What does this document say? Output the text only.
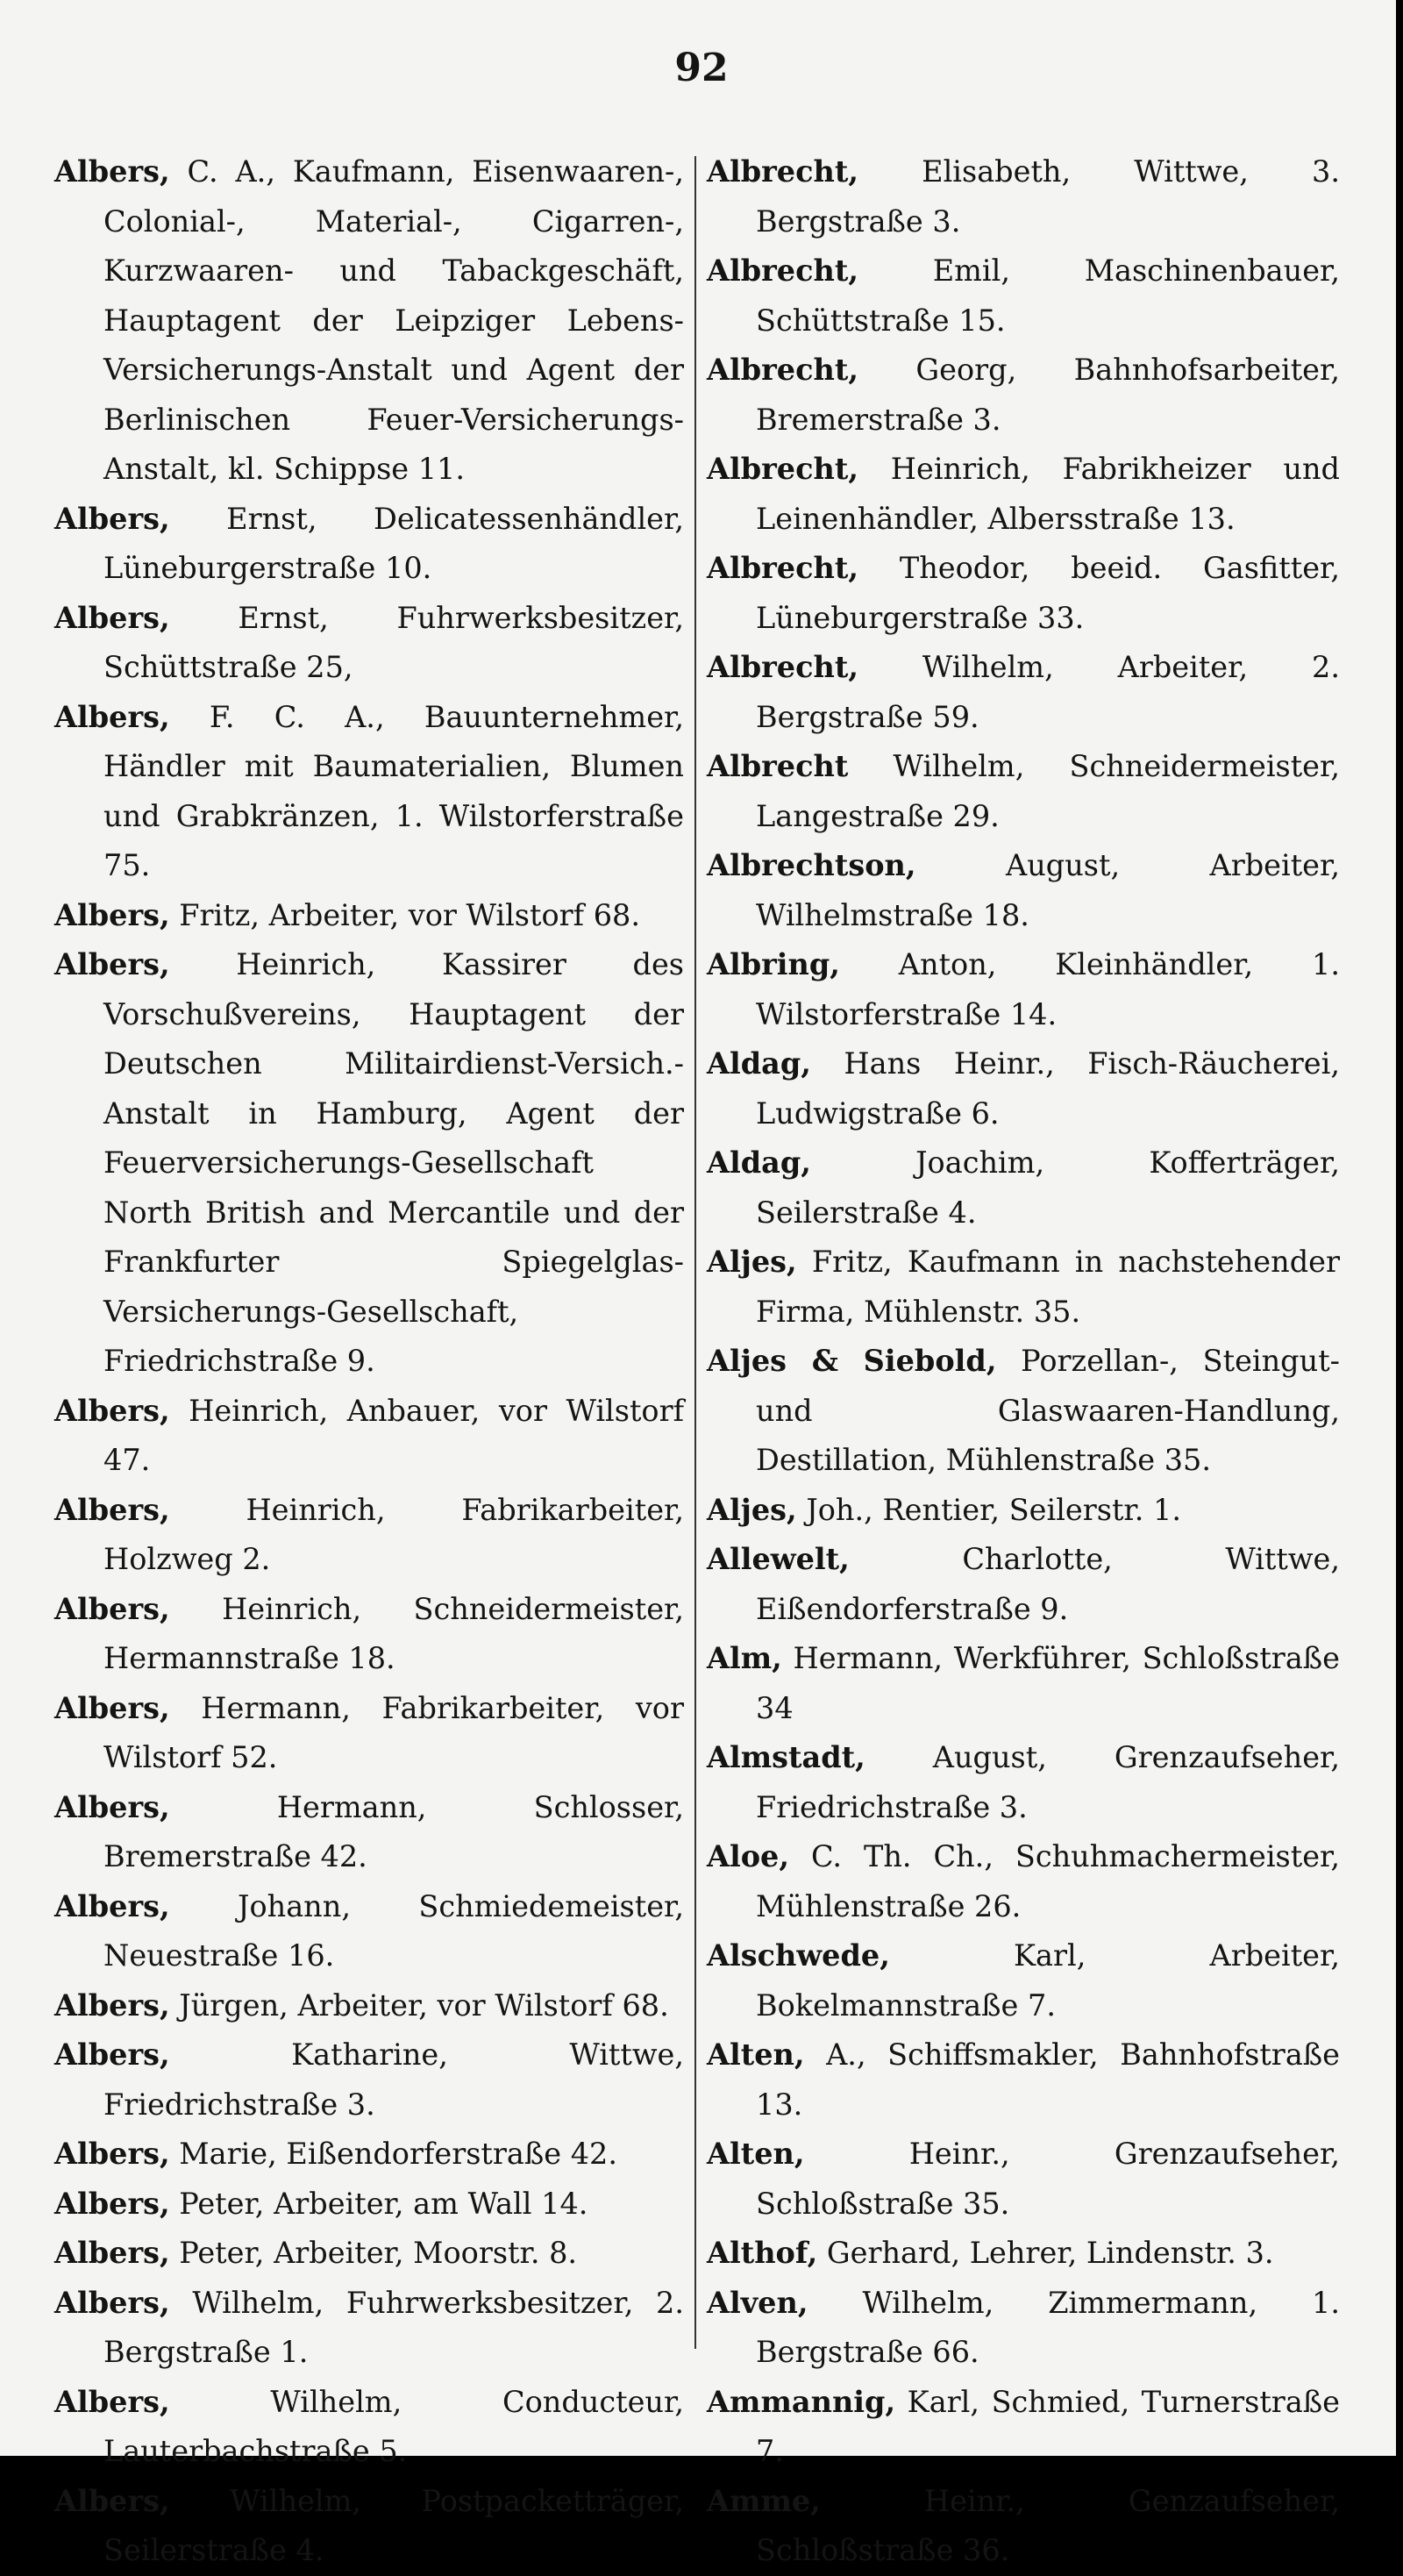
92

Albers, C. A., Kaufmann, Eisenwaaren-, Colonial-, Material-, Cigarren-, Kurzwaaren- und Tabackgeschäft, Hauptagent der Leipziger Lebens-Versicherungs-Anstalt und Agent der Berlinischen Feuer-Versicherungs-Anstalt, kl. Schippse 11.

Albers, Ernst, Delicatessenhändler, Lüneburgerstraße 10.

Albers, Ernst, Fuhrwerksbesitzer, Schüttstraße 25,

Albers, F. C. A., Bauunternehmer, Händler mit Baumaterialien, Blumen und Grabkränzen, 1. Wilstorferstraße 75.

Albers, Fritz, Arbeiter, vor Wilstorf 68.

Albers, Heinrich, Kassirer des Vorschußvereins, Hauptagent der Deutschen Militairdienst-Versich.-Anstalt in Hamburg, Agent der Feuerversicherungs-Gesellschaft North British and Mercantile und der Frankfurter Spiegelglas-Versicherungs-Gesellschaft, Friedrichstraße 9.

Albers, Heinrich, Anbauer, vor Wilstorf 47.

Albers, Heinrich, Fabrikarbeiter, Holzweg 2.

Albers, Heinrich, Schneidermeister, Hermannstraße 18.

Albers, Hermann, Fabrikarbeiter, vor Wilstorf 52.

Albers, Hermann, Schlosser, Bremerstraße 42.

Albers, Johann, Schmiedemeister, Neuestraße 16.

Albers, Jürgen, Arbeiter, vor Wilstorf 68.

Albers, Katharine, Wittwe, Friedrichstraße 3.

Albers, Marie, Eißendorferstraße 42.

Albers, Peter, Arbeiter, am Wall 14.

Albers, Peter, Arbeiter, Moorstr. 8.

Albers, Wilhelm, Fuhrwerksbesitzer, 2. Bergstraße 1.

Albers, Wilhelm, Conducteur, Lauterbachstraße 5.

Albers, Wilhelm, Postpacketträger, Seilerstraße 4.

Albrecht, Elisabeth, Wittwe, 3. Bergstraße 3.

Albrecht, Emil, Maschinenbauer, Schüttstraße 15.

Albrecht, Georg, Bahnhofsarbeiter, Bremerstraße 3.

Albrecht, Heinrich, Fabrikheizer und Leinenhändler, Albersstraße 13.

Albrecht, Theodor, beeid. Gasfitter, Lüneburgerstraße 33.

Albrecht, Wilhelm, Arbeiter, 2. Bergstraße 59.

Albrecht Wilhelm, Schneidermeister, Langestraße 29.

Albrechtson, August, Arbeiter, Wilhelmstraße 18.

Albring, Anton, Kleinhändler, 1. Wilstorferstraße 14.

Aldag, Hans Heinr., Fisch-Räucherei, Ludwigstraße 6.

Aldag, Joachim, Kofferträger, Seilerstraße 4.

Aljes, Fritz, Kaufmann in nachstehender Firma, Mühlenstr. 35.

Aljes & Siebold, Porzellan-, Steingut- und Glaswaaren-Handlung, Destillation, Mühlenstraße 35.

Aljes, Joh., Rentier, Seilerstr. 1.

Allewelt, Charlotte, Wittwe, Eißendorferstraße 9.

Alm, Hermann, Werkführer, Schloßstraße 34

Almstadt, August, Grenzaufseher, Friedrichstraße 3.

Aloe, C. Th. Ch., Schuhmachermeister, Mühlenstraße 26.

Alschwede, Karl, Arbeiter, Bokelmannstraße 7.

Alten, A., Schiffsmakler, Bahnhofstraße 13.

Alten, Heinr., Grenzaufseher, Schloßstraße 35.

Althof, Gerhard, Lehrer, Lindenstr. 3.

Alven, Wilhelm, Zimmermann, 1. Bergstraße 66.

Ammannig, Karl, Schmied, Turnerstraße 7.

Amme, Heinr., Genzaufseher, Schloßstraße 36.
